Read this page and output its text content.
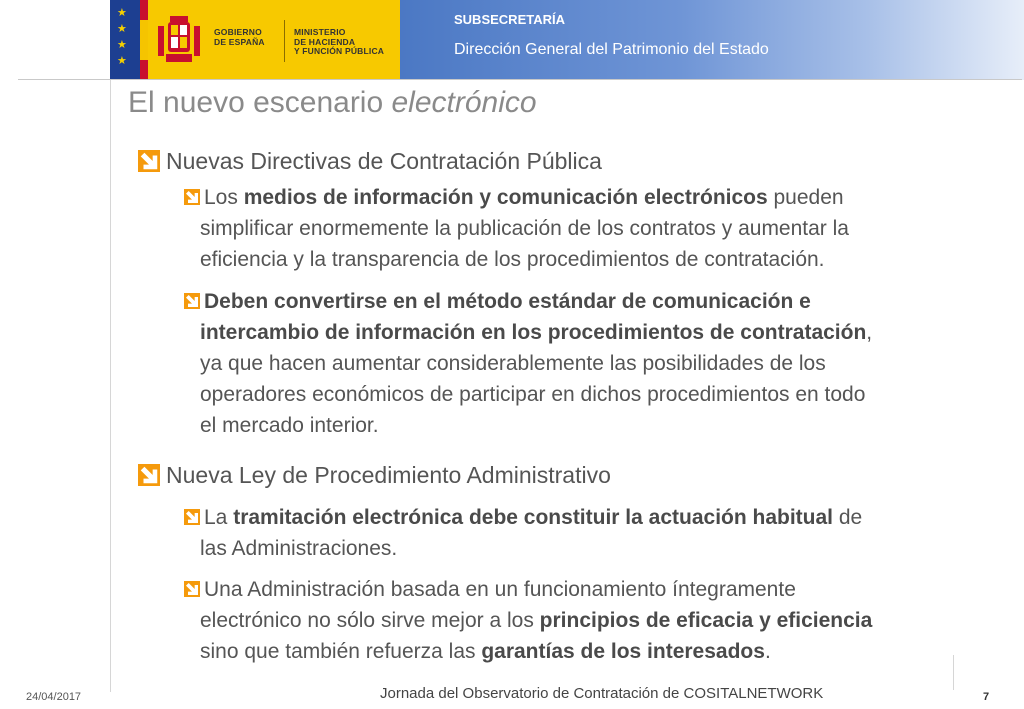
★
★
★
★
GOBIERNO
DE ESPAÑA
MINISTERIO
DE HACIENDA
Y FUNCIÓN PÚBLICA
SUBSECRETARÍA
Dirección General del Patrimonio del Estado
El nuevo escenario electrónico
Nuevas Directivas de Contratación Pública
Los medios de información y comunicación electrónicos pueden
simplificar enormemente la publicación de los contratos y aumentar la
eficiencia y la transparencia de los procedimientos de contratación.
Deben convertirse en el método estándar de comunicación e
intercambio de información en los procedimientos de contratación,
ya que hacen aumentar considerablemente las posibilidades de los
operadores económicos de participar en dichos procedimientos en todo
el mercado interior.
Nueva Ley de Procedimiento Administrativo
La tramitación electrónica debe constituir la actuación habitual de
las Administraciones.
Una Administración basada en un funcionamiento íntegramente
electrónico no sólo sirve mejor a los principios de eficacia y eficiencia
sino que también refuerza las garantías de los interesados.
24/04/2017	Jornada del Observatorio de Contratación de COSITALNETWORK	7
